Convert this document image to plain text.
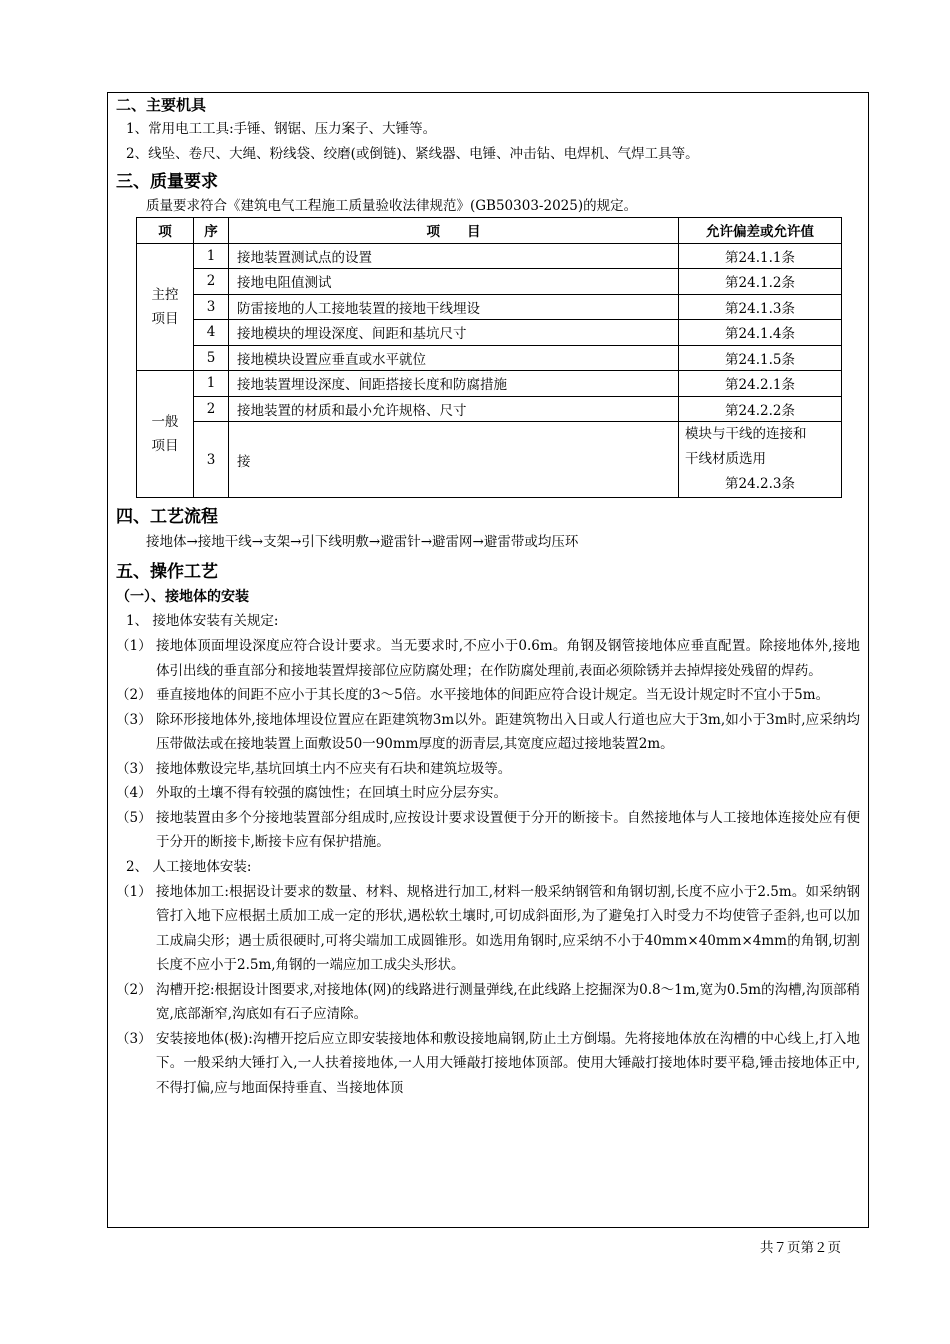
二、主要机具
1、常用电工工具:手锤、钢锯、压力案子、大锤等。
2、线坠、卷尺、大绳、粉线袋、绞磨(或倒链)、紧线器、电锤、冲击钻、电焊机、气焊工具等。
三、质量要求
质量要求符合《建筑电气工程施工质量验收法律规范》(GB50303-2025)的规定。
项	序	项　　目	允许偏差或允许值
主控项目	1	接地装置测试点的设置	第24.1.1条
	2	接地电阻值测试	第24.1.2条
	3	防雷接地的人工接地装置的接地干线埋设	第24.1.3条
	4	接地模块的埋设深度、间距和基坑尺寸	第24.1.4条
	5	接地模块设置应垂直或水平就位	第24.1.5条
一般项目	1	接地装置埋设深度、间距搭接长度和防腐措施	第24.2.1条
	2	接地装置的材质和最小允许规格、尺寸	第24.2.2条
	3	接	模块与干线的连接和
干线材质选用
第24.2.3条
四、工艺流程
接地体→接地干线→支架→引下线明敷→避雷针→避雷网→避雷带或均压环
五、操作工艺
（一）、接地体的安装
1、 接地体安装有关规定:
（1） 接地体顶面埋设深度应符合设计要求。当无要求时,不应小于0.6m。角钢及钢管接地体应垂直配置。除接地体外,接地体引出线的垂直部分和接地装置焊接部位应防腐处理；在作防腐处理前,表面必须除锈并去掉焊接处残留的焊药。
（2） 垂直接地体的间距不应小于其长度的3～5倍。水平接地体的间距应符合设计规定。当无设计规定时不宜小于5m。
（3） 除环形接地体外,接地体埋设位置应在距建筑物3m以外。距建筑物出入日或人行道也应大于3m,如小于3m时,应采纳均压带做法或在接地装置上面敷设50一90mm厚度的沥青层,其宽度应超过接地装置2m。
（3） 接地体敷设完毕,基坑回填土内不应夹有石块和建筑垃圾等。
（4） 外取的土壤不得有较强的腐蚀性；在回填土时应分层夯实。
（5） 接地装置由多个分接地装置部分组成时,应按设计要求设置便于分开的断接卡。自然接地体与人工接地体连接处应有便于分开的断接卡,断接卡应有保护措施。
2、 人工接地体安装:
（1） 接地体加工:根据设计要求的数量、材料、规格进行加工,材料一般采纳钢管和角钢切割,长度不应小于2.5m。如采纳钢管打入地下应根据土质加工成一定的形状,遇松软土壤时,可切成斜面形,为了避兔打入时受力不均使管子歪斜,也可以加工成扁尖形；遇士质很硬时,可将尖端加工成圆锥形。如选用角钢时,应采纳不小于40mm×40mm×4mm的角钢,切割长度不应小于2.5m,角钢的一端应加工成尖头形状。
（2） 沟槽开挖:根据设计图要求,对接地体(网)的线路进行测量弹线,在此线路上挖掘深为0.8～1m,宽为0.5m的沟槽,沟顶部稍宽,底部渐窄,沟底如有石子应清除。
（3） 安装接地体(极):沟槽开挖后应立即安装接地体和敷设接地扁钢,防止土方倒塌。先将接地体放在沟槽的中心线上,打入地下。一般采纳大锤打入,一人扶着接地体,一人用大锤敲打接地体顶部。使用大锤敲打接地体时要平稳,锤击接地体正中,不得打偏,应与地面保持垂直、当接地体顶
共７页第２页
